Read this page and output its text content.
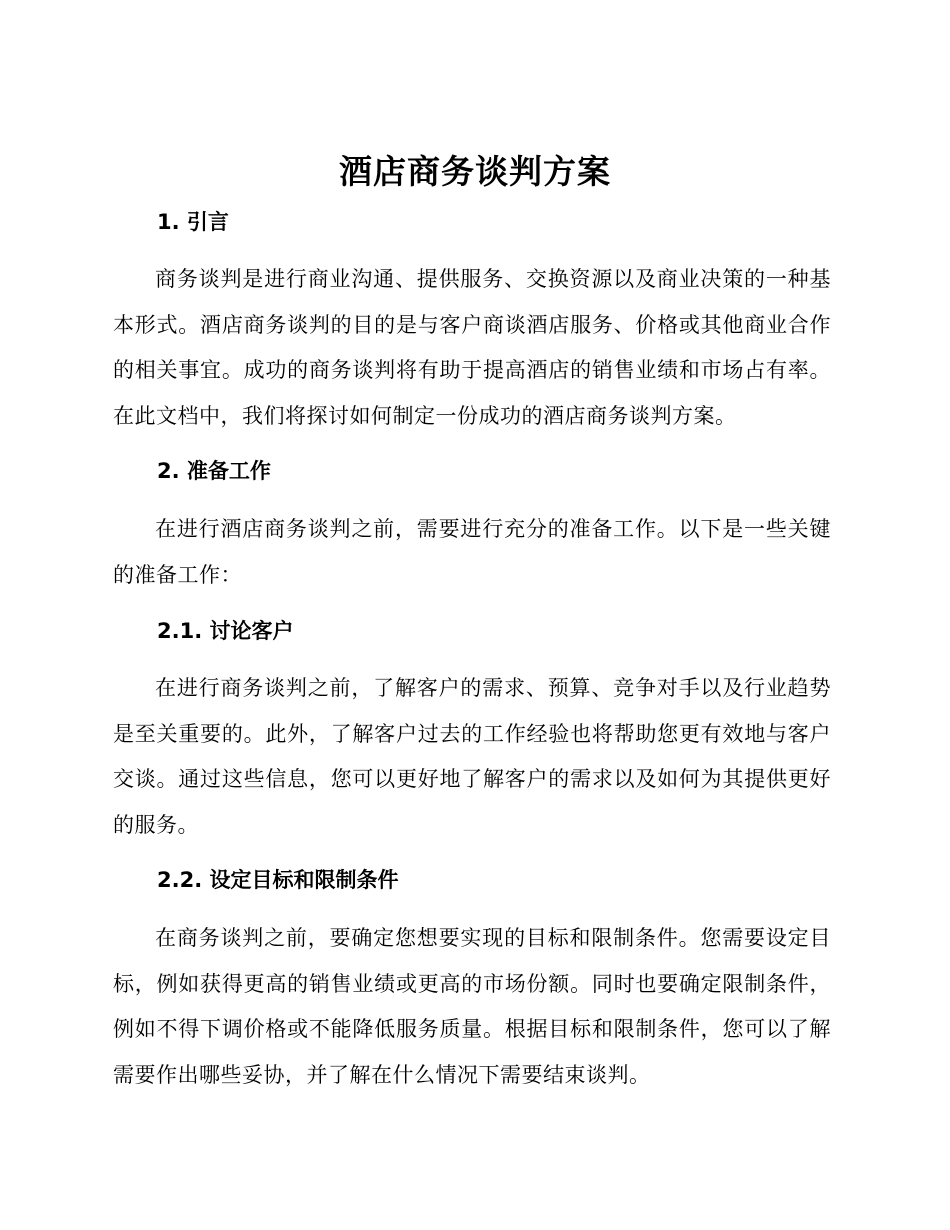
酒店商务谈判方案
1. 引言

商务谈判是进行商业沟通、提供服务、交换资源以及商业决策的一种基本形式。酒店商务谈判的目的是与客户商谈酒店服务、价格或其他商业合作的相关事宜。成功的商务谈判将有助于提高酒店的销售业绩和市场占有率。在此文档中，我们将探讨如何制定一份成功的酒店商务谈判方案。

2. 准备工作

在进行酒店商务谈判之前，需要进行充分的准备工作。以下是一些关键的准备工作：

2.1. 讨论客户

在进行商务谈判之前，了解客户的需求、预算、竞争对手以及行业趋势是至关重要的。此外，了解客户过去的工作经验也将帮助您更有效地与客户交谈。通过这些信息，您可以更好地了解客户的需求以及如何为其提供更好的服务。

2.2. 设定目标和限制条件

在商务谈判之前，要确定您想要实现的目标和限制条件。您需要设定目标，例如获得更高的销售业绩或更高的市场份额。同时也要确定限制条件，例如不得下调价格或不能降低服务质量。根据目标和限制条件，您可以了解需要作出哪些妥协，并了解在什么情况下需要结束谈判。
